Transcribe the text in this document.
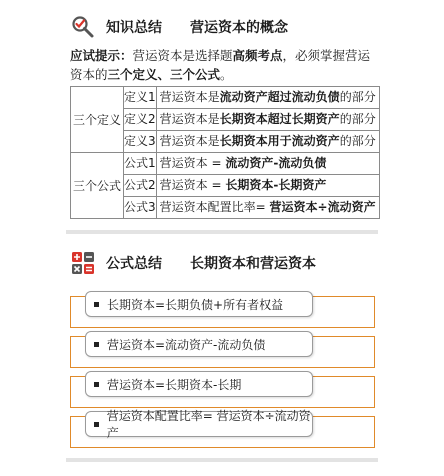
知识总结 营运资本的概念
应试提示：营运资本是选择题高频考点，必须掌握营运资本的三个定义、三个公式。
三个定义	定义1	营运资本是流动资产超过流动负债的部分
	定义2	营运资本是长期资本超过长期资产的部分
	定义3	营运资本是长期资本用于流动资产的部分
三个公式	公式1	营运资本 = 流动资产-流动负债
	公式2	营运资本 = 长期资本-长期资产
	公式3	营运资本配置比率= 营运资本÷流动资产
公式总结 长期资本和营运资本
长期资本=长期负债+所有者权益
营运资本=流动资产-流动负债
营运资本=长期资本-长期
营运资本配置比率= 营运资本÷流动资产
